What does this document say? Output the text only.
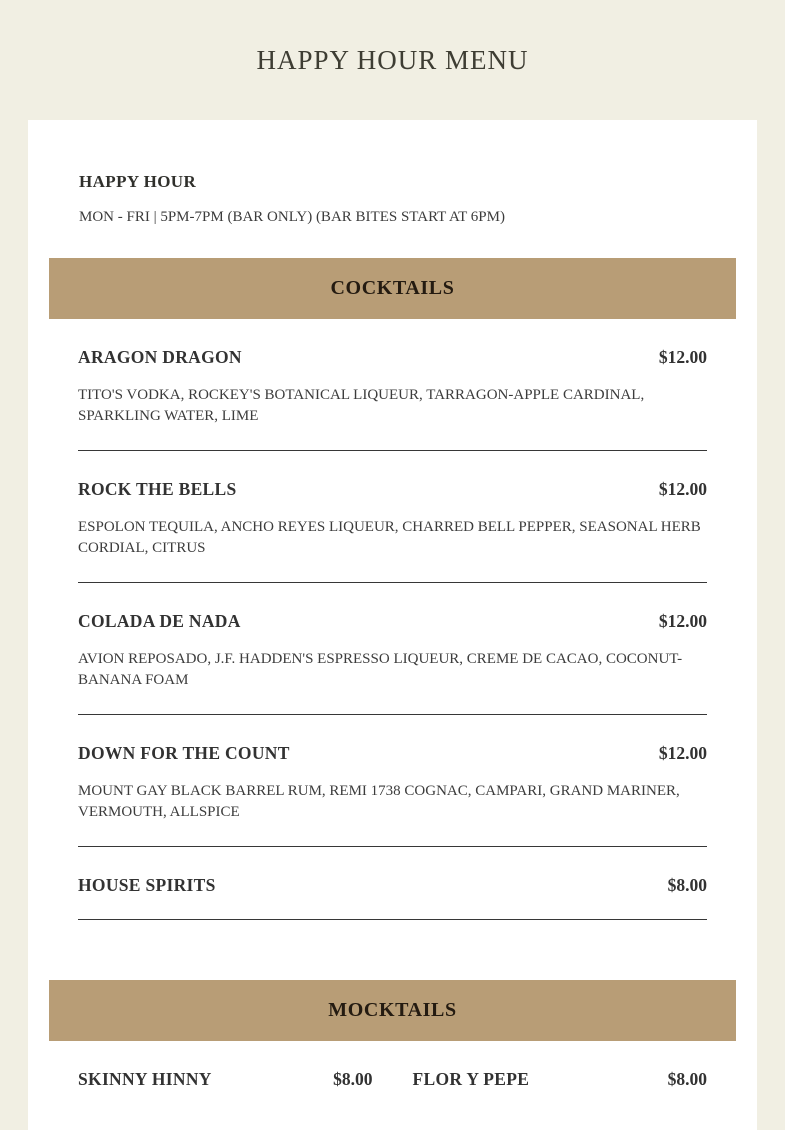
HAPPY HOUR MENU
HAPPY HOUR

MON - FRI | 5PM-7PM (BAR ONLY) (BAR BITES START AT 6PM)

COCKTAILS
ARAGON DRAGON	$12.00

TITO'S VODKA, ROCKEY'S BOTANICAL LIQUEUR, TARRAGON-APPLE CARDINAL, SPARKLING WATER, LIME

ROCK THE BELLS	$12.00

ESPOLON TEQUILA, ANCHO REYES LIQUEUR, CHARRED BELL PEPPER, SEASONAL HERB CORDIAL, CITRUS

COLADA DE NADA	$12.00

AVION REPOSADO, J.F. HADDEN'S ESPRESSO LIQUEUR, CREME DE CACAO, COCONUT-BANANA FOAM

DOWN FOR THE COUNT	$12.00

MOUNT GAY BLACK BARREL RUM, REMI 1738 COGNAC, CAMPARI, GRAND MARINER, VERMOUTH, ALLSPICE

HOUSE SPIRITS	$8.00
MOCKTAILS
SKINNY HINNY	$8.00 FLOR Y PEPE	$8.00
